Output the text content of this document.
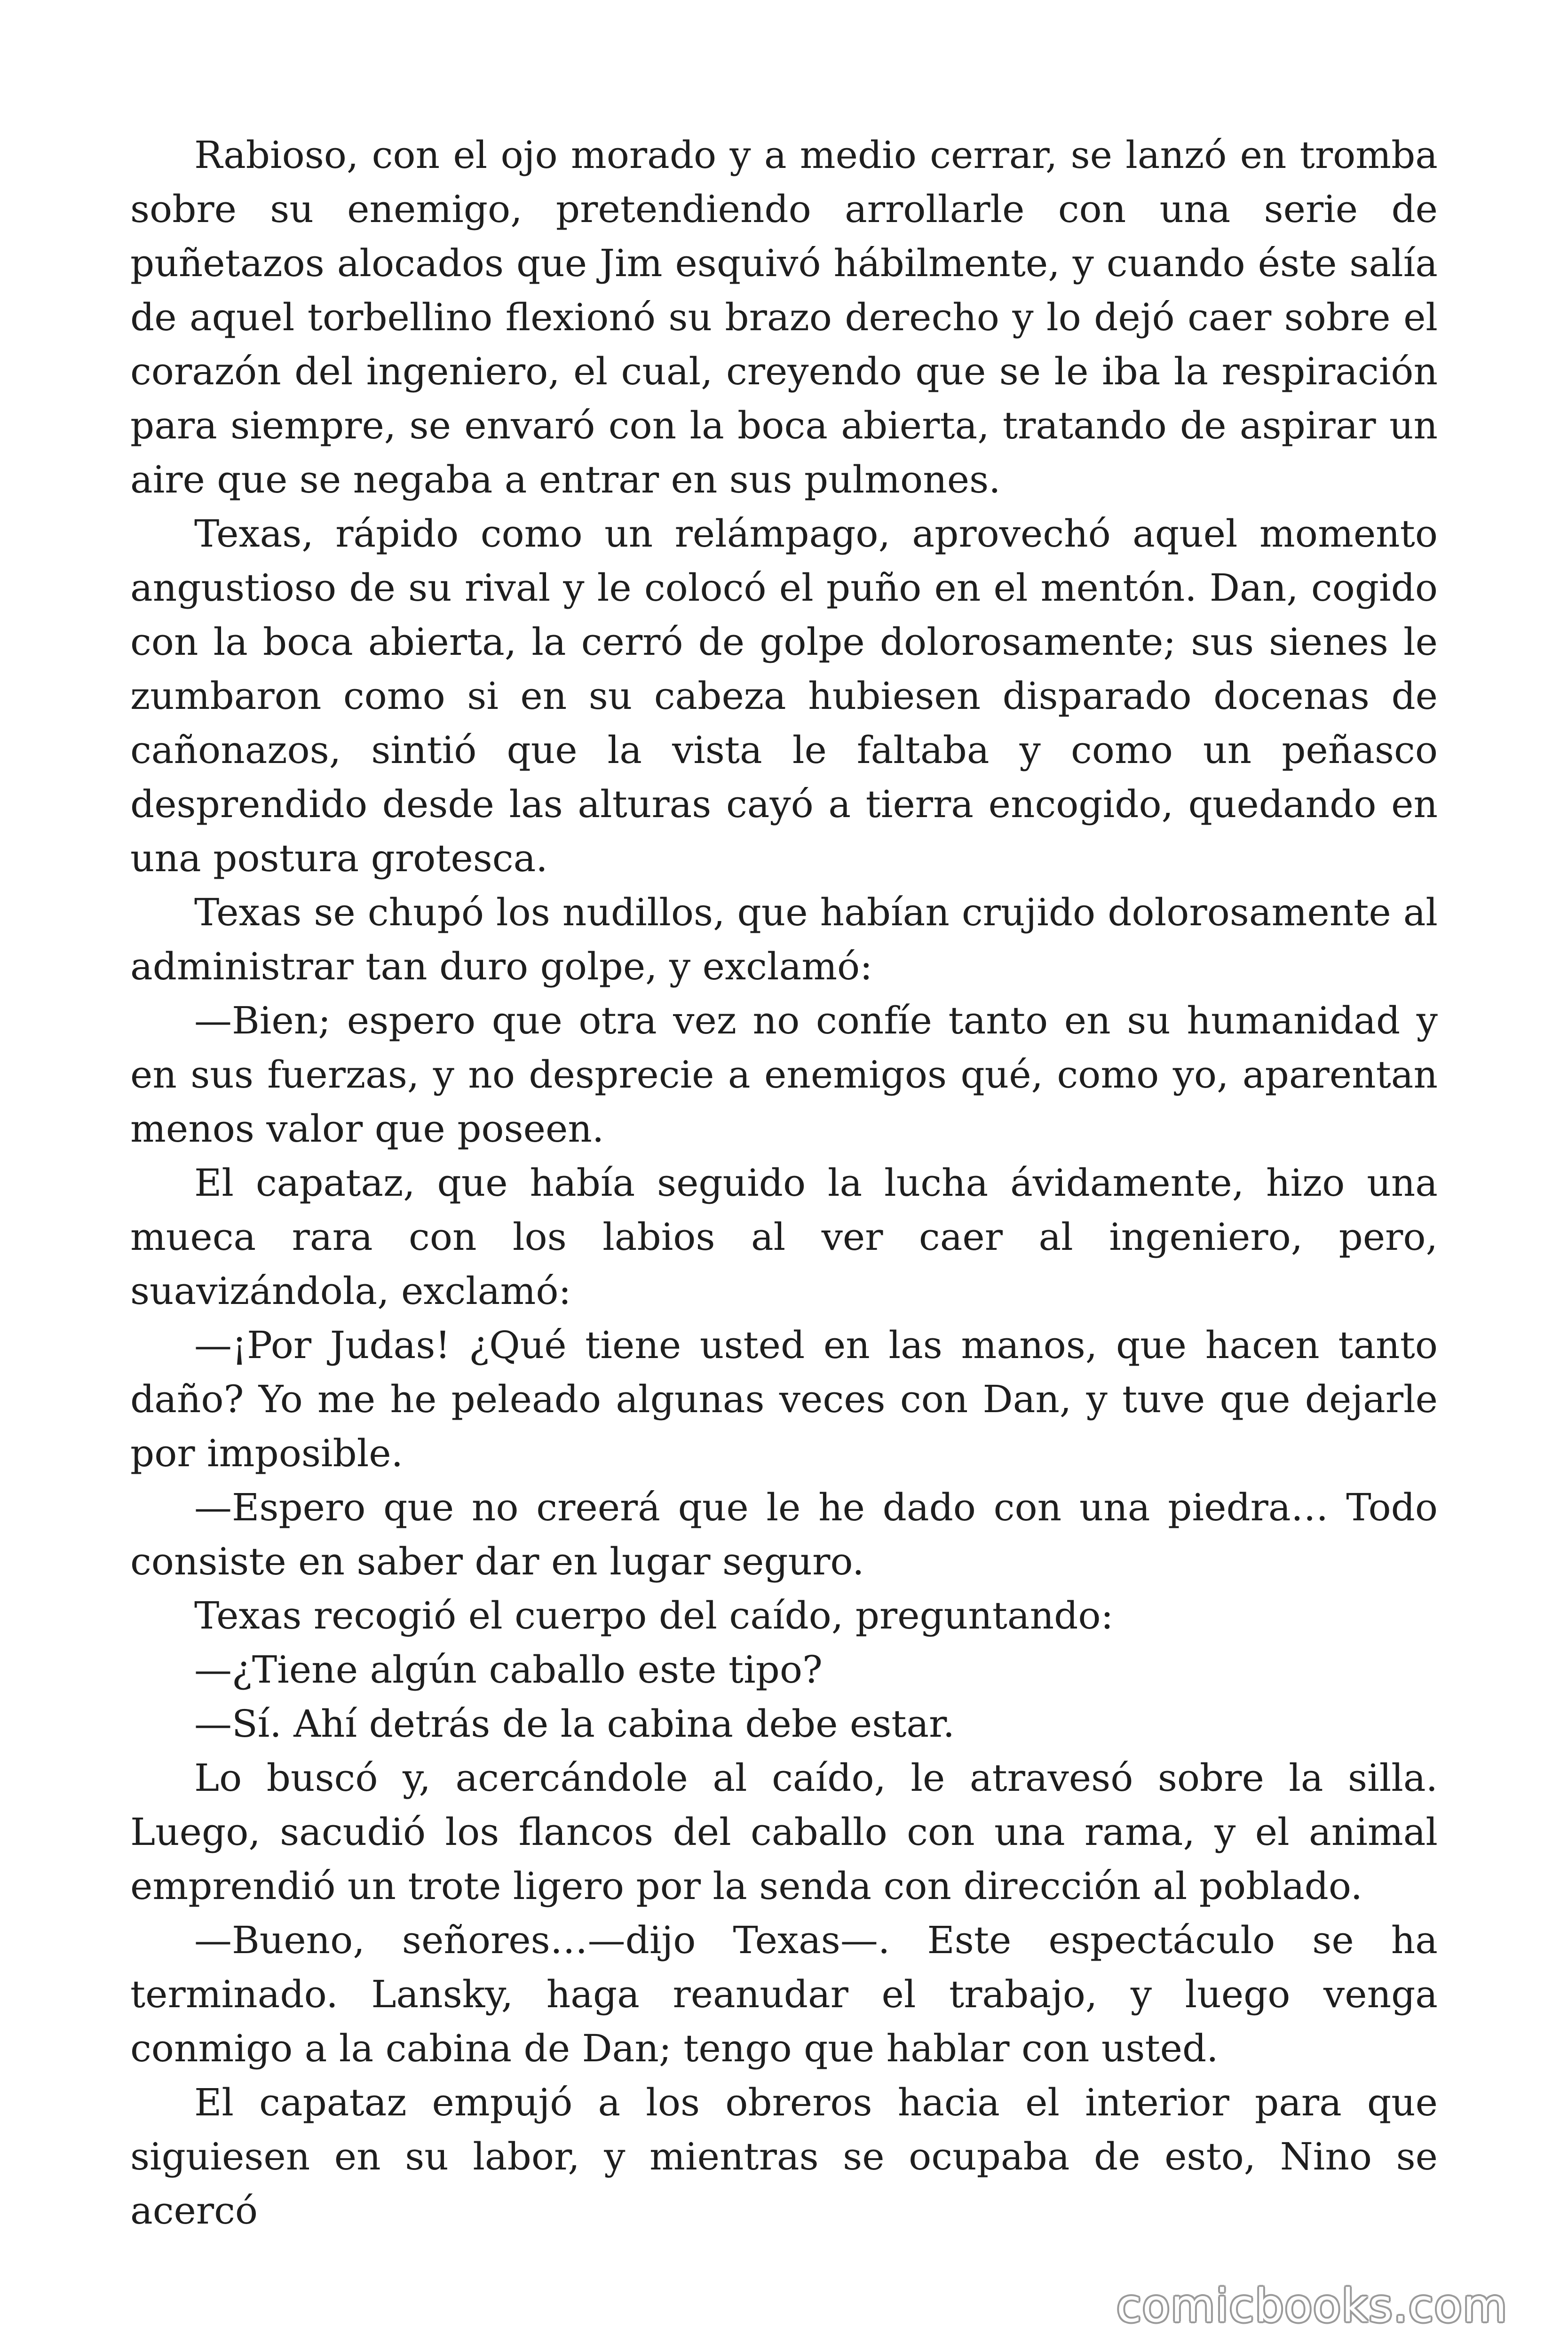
Rabioso, con el ojo morado y a medio cerrar, se lanzó en tromba sobre su enemigo, pretendiendo arrollarle con una serie de puñetazos alocados que Jim esquivó hábilmente, y cuando éste salía de aquel torbellino flexionó su brazo derecho y lo dejó caer sobre el corazón del ingeniero, el cual, creyendo que se le iba la respiración para siempre, se envaró con la boca abierta, tratando de aspirar un aire que se negaba a entrar en sus pulmones.

Texas, rápido como un relámpago, aprovechó aquel momento angustioso de su rival y le colocó el puño en el mentón. Dan, cogido con la boca abierta, la cerró de golpe dolorosamente; sus sienes le zumbaron como si en su cabeza hubiesen disparado docenas de cañonazos, sintió que la vista le faltaba y como un peñasco desprendido desde las alturas cayó a tierra encogido, quedando en una postura grotesca.

Texas se chupó los nudillos, que habían crujido dolorosamente al administrar tan duro golpe, y exclamó:

—Bien; espero que otra vez no confíe tanto en su humanidad y en sus fuerzas, y no desprecie a enemigos qué, como yo, aparentan menos valor que poseen.

El capataz, que había seguido la lucha ávidamente, hizo una mueca rara con los labios al ver caer al ingeniero, pero, suavizándola, exclamó:

—¡Por Judas! ¿Qué tiene usted en las manos, que hacen tanto daño? Yo me he peleado algunas veces con Dan, y tuve que dejarle por imposible.

—Espero que no creerá que le he dado con una piedra… Todo consiste en saber dar en lugar seguro.

Texas recogió el cuerpo del caído, preguntando:

—¿Tiene algún caballo este tipo?

—Sí. Ahí detrás de la cabina debe estar.

Lo buscó y, acercándole al caído, le atravesó sobre la silla. Luego, sacudió los flancos del caballo con una rama, y el animal emprendió un trote ligero por la senda con dirección al poblado.

—Bueno, señores…—dijo Texas—. Este espectáculo se ha terminado. Lansky, haga reanudar el trabajo, y luego venga conmigo a la cabina de Dan; tengo que hablar con usted.

El capataz empujó a los obreros hacia el interior para que siguiesen en su labor, y mientras se ocupaba de esto, Nino se acercó

comicbooks.com
